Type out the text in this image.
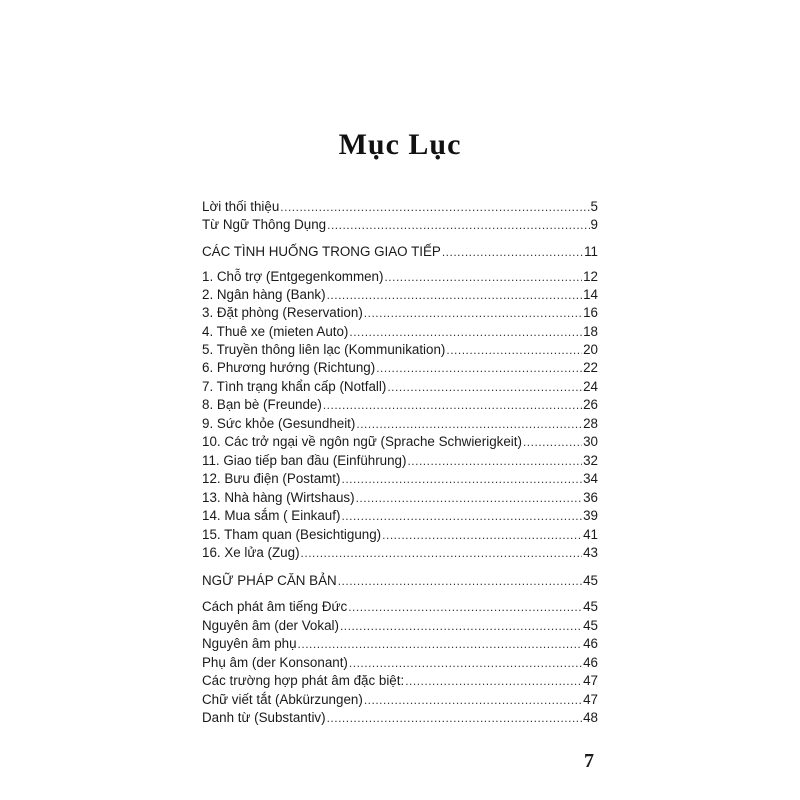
Mục Lục
Lời thối thiệu .....	5
Từ Ngữ Thông Dụng .....	9
CÁC TÌNH HUỐNG TRONG GIAO TIẾP .....	11
1. Chỗ trợ (Entgegenkommen) .....	12
2. Ngân hàng (Bank) .....	14
3. Đặt phòng (Reservation) .....	16
4. Thuê xe (mieten Auto) .....	18
5. Truyền thông liên lạc (Kommunikation) .....	20
6. Phương hướng (Richtung) .....	22
7. Tình trạng khẩn cấp (Notfall) .....	24
8. Bạn bè (Freunde) .....	26
9. Sức khỏe (Gesundheit) .....	28
10. Các trở ngại về ngôn ngữ (Sprache Schwierigkeit) .....	30
11. Giao tiếp ban đầu (Einführung) .....	32
12. Bưu điện (Postamt) .....	34
13. Nhà hàng (Wirtshaus) .....	36
14. Mua sắm ( Einkauf) .....	39
15. Tham quan (Besichtigung) .....	41
16. Xe lửa (Zug) .....	43
NGỮ PHÁP CĂN BẢN .....	45
Cách phát âm tiếng Đức .....	45
Nguyên âm (der Vokal) .....	45
Nguyên âm phụ .....	46
Phụ âm (der Konsonant) .....	46
Các trường hợp phát âm đặc biệt: .....	47
Chữ viết tắt (Abkürzungen) .....	47
Danh từ (Substantiv) .....	48
7
